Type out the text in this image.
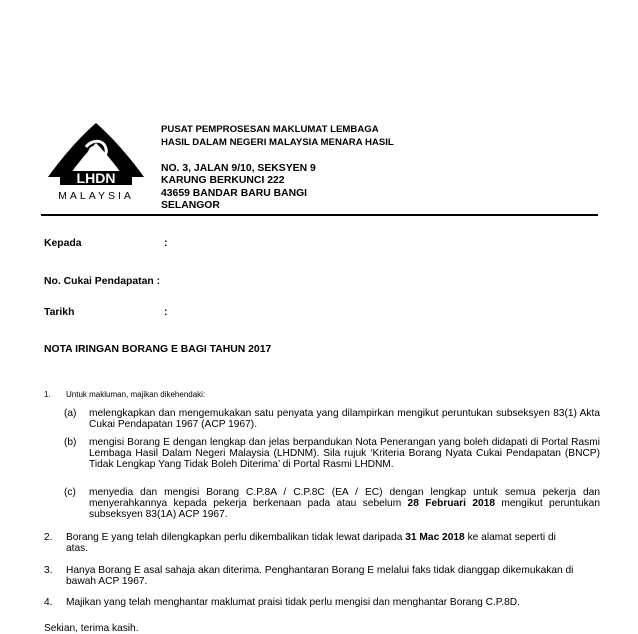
LHDN
MALAYSIA
PUSAT PEMPROSESAN MAKLUMAT LEMBAGA
HASIL DALAM NEGERI MALAYSIA MENARA HASIL
NO. 3, JALAN 9/10, SEKSYEN 9
KARUNG BERKUNCI 222
43659 BANDAR BARU BANGI
SELANGOR
Kepada	:
No. Cukai Pendapatan :
Tarikh	:
NOTA IRINGAN BORANG E BAGI TAHUN 2017
1. Untuk makluman, majikan dikehendaki:
(a) melengkapkan dan mengemukakan satu penyata yang dilampirkan mengikut peruntukan subseksyen 83(1) Akta Cukai Pendapatan 1967 (ACP 1967).
(b) mengisi Borang E dengan lengkap dan jelas berpandukan Nota Penerangan yang boleh didapati di Portal Rasmi Lembaga Hasil Dalam Negeri Malaysia (LHDNM). Sila rujuk ‘Kriteria Borang Nyata Cukai Pendapatan (BNCP) Tidak Lengkap Yang Tidak Boleh Diterima’ di Portal Rasmi LHDNM.
(c) menyedia dan mengisi Borang C.P.8A / C.P.8C (EA / EC) dengan lengkap untuk semua pekerja dan menyerahkannya kepada pekerja berkenaan pada atau sebelum 28 Februari 2018 mengikut peruntukan subseksyen 83(1A) ACP 1967.
2. Borang E yang telah dilengkapkan perlu dikembalikan tidak lewat daripada 31 Mac 2018 ke alamat seperti di atas.
3. Hanya Borang E asal sahaja akan diterima. Penghantaran Borang E melalui faks tidak dianggap dikemukakan di bawah ACP 1967.
4. Majikan yang telah menghantar maklumat praisi tidak perlu mengisi dan menghantar Borang C.P.8D.
Sekian, terima kasih.
